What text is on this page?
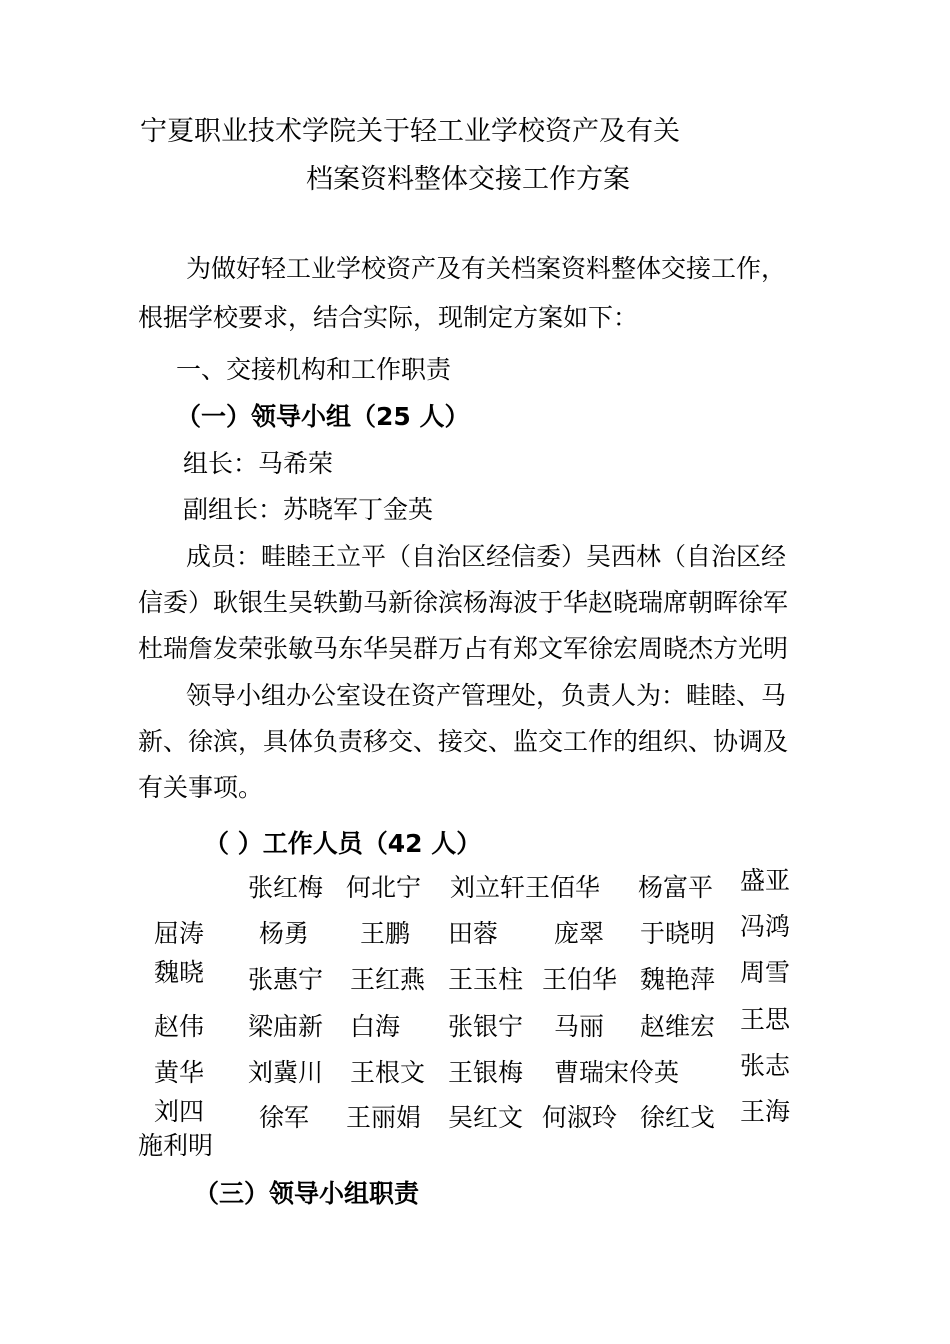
宁夏职业技术学院关于轻工业学校资产及有关
档案资料整体交接工作方案
为做好轻工业学校资产及有关档案资料整体交接工作，
根据学校要求，结合实际，现制定方案如下：
一、交接机构和工作职责
（一）领导小组（25 人）
组长：马希荣
副组长：苏晓军丁金英
成员：畦睦王立平（自治区经信委）吴西林（自治区经
信委）耿银生吴轶勤马新徐滨杨海波于华赵晓瑞席朝晖徐军
杜瑞詹发荣张敏马东华吴群万占有郑文军徐宏周晓杰方光明
领导小组办公室设在资产管理处，负责人为：畦睦、马
新、徐滨，具体负责移交、接交、监交工作的组织、协调及
有关事项。
（ ）工作人员（42 人）
张红梅 何北宁 刘立轩王佰华 杨富平 盛亚
屈涛 杨勇 王鹏 田蓉 庞翠 于晓明 冯鸿
魏晓 张惠宁 王红燕 王玉柱 王伯华 魏艳萍 周雪
赵伟 梁庙新 白海 张银宁 马丽 赵维宏 王思
黄华 刘冀川 王根文 王银梅 曹瑞宋伶英 张志
刘四 徐军 王丽娟 吴红文 何淑玲 徐红戈 王海
施利明
（三）领导小组职责
